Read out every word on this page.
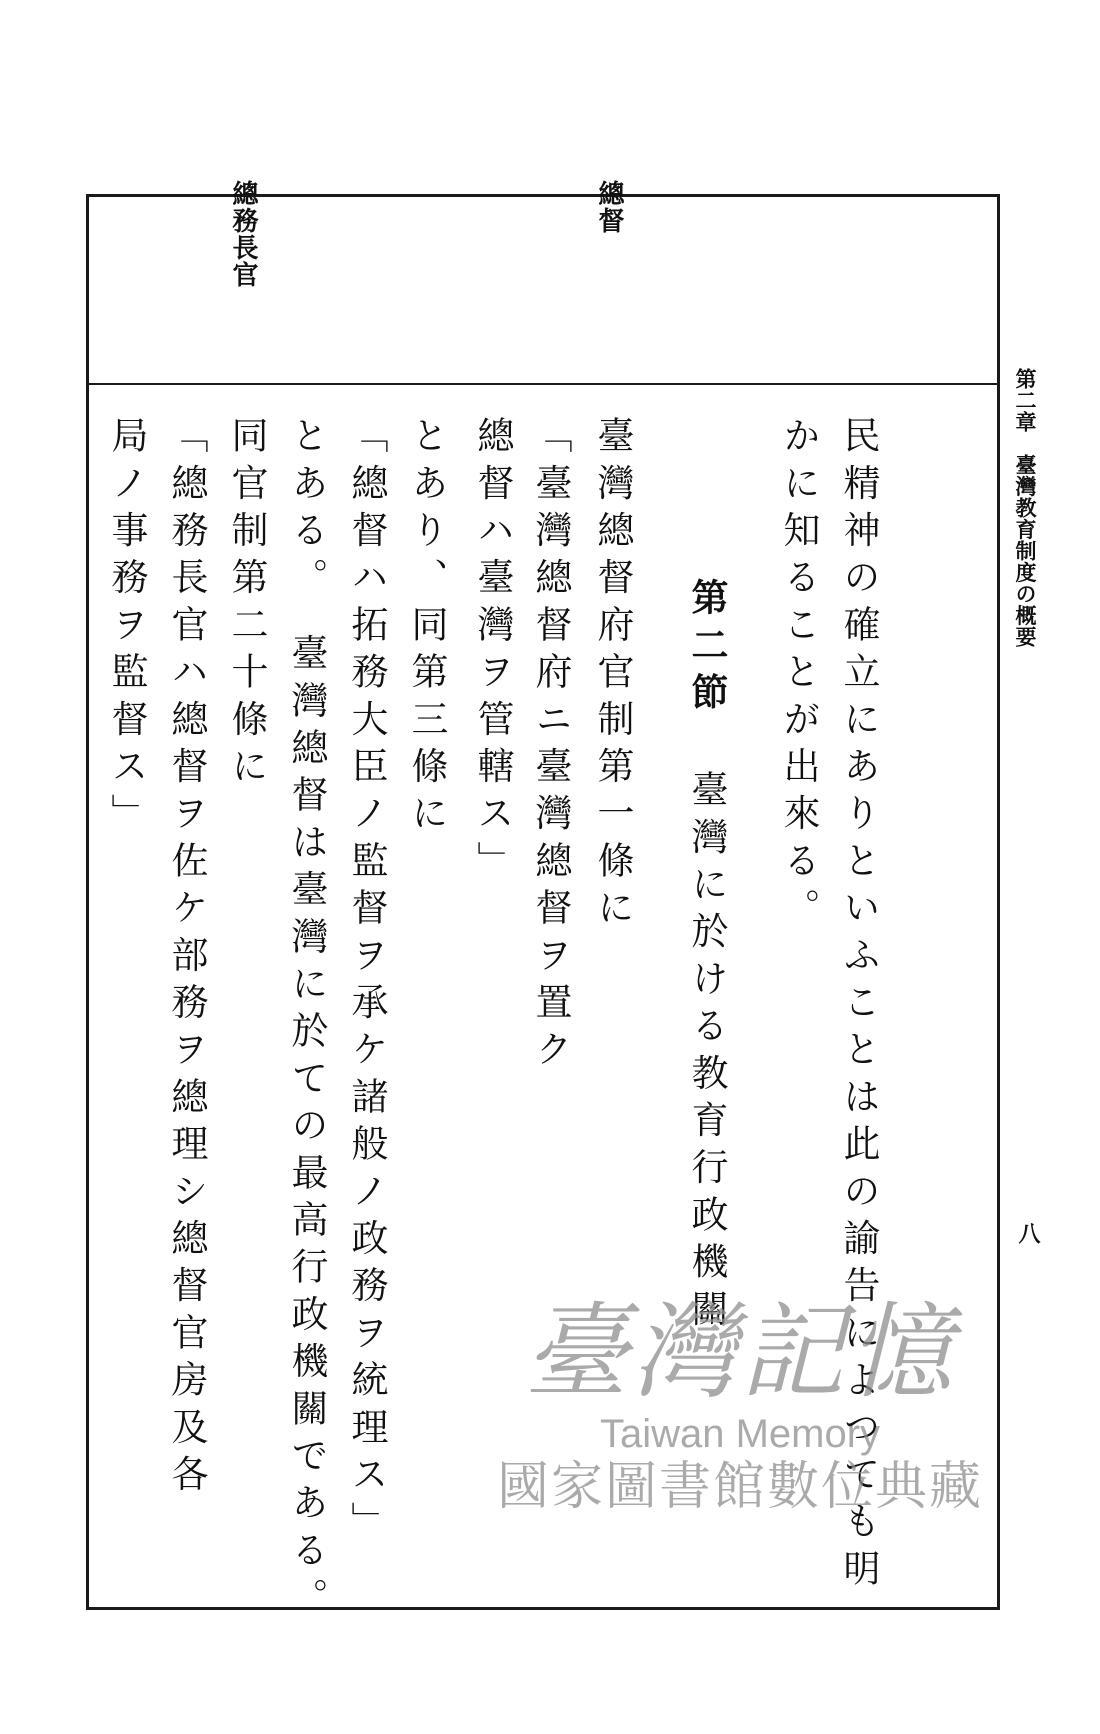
第二章　臺灣教育制度の概要
八
總督
總務長官
民精神の確立にありといふことは此の諭告によつても明
かに知ることが出來る。
第二節
臺灣に於ける教育行政機關
臺灣總督府官制第一條に
「臺灣總督府ニ臺灣總督ヲ置ク
總督ハ臺灣ヲ管轄ス」
とあり、同第三條に
「總督ハ拓務大臣ノ監督ヲ承ケ諸般ノ政務ヲ統理ス」
とある。　臺灣總督は臺灣に於ての最高行政機關である。
同官制第二十條に
「總務長官ハ總督ヲ佐ケ部務ヲ總理シ總督官房及各
局ノ事務ヲ監督ス」
臺灣記憶
Taiwan Memory
國家圖書館數位典藏
